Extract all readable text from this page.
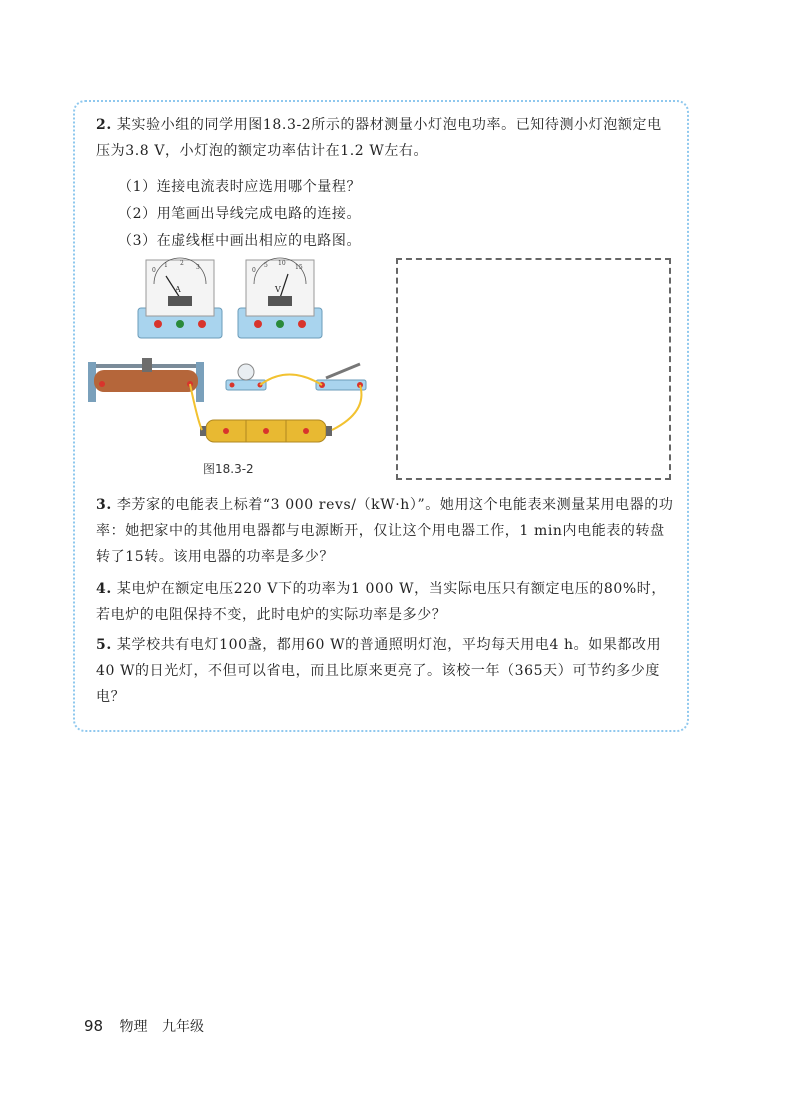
2. 某实验小组的同学用图18.3-2所示的器材测量小灯泡电功率。已知待测小灯泡额定电压为3.8 V，小灯泡的额定功率估计在1.2 W左右。

（1）连接电流表时应选用哪个量程？

（2）用笔画出导线完成电路的连接。

（3）在虚线框中画出相应的电路图。

0
1 2
3
A
0
5 10
15
V
图18.3-2

3. 李芳家的电能表上标着“3 000 revs/（kW·h）”。她用这个电能表来测量某用电器的功率：她把家中的其他用电器都与电源断开，仅让这个用电器工作，1 min内电能表的转盘转了15转。该用电器的功率是多少？

4. 某电炉在额定电压220 V下的功率为1 000 W，当实际电压只有额定电压的80%时，若电炉的电阻保持不变，此时电炉的实际功率是多少？

5. 某学校共有电灯100盏，都用60 W的普通照明灯泡，平均每天用电4 h。如果都改用40 W的日光灯，不但可以省电，而且比原来更亮了。该校一年（365天）可节约多少度电？

98 物理 九年级
